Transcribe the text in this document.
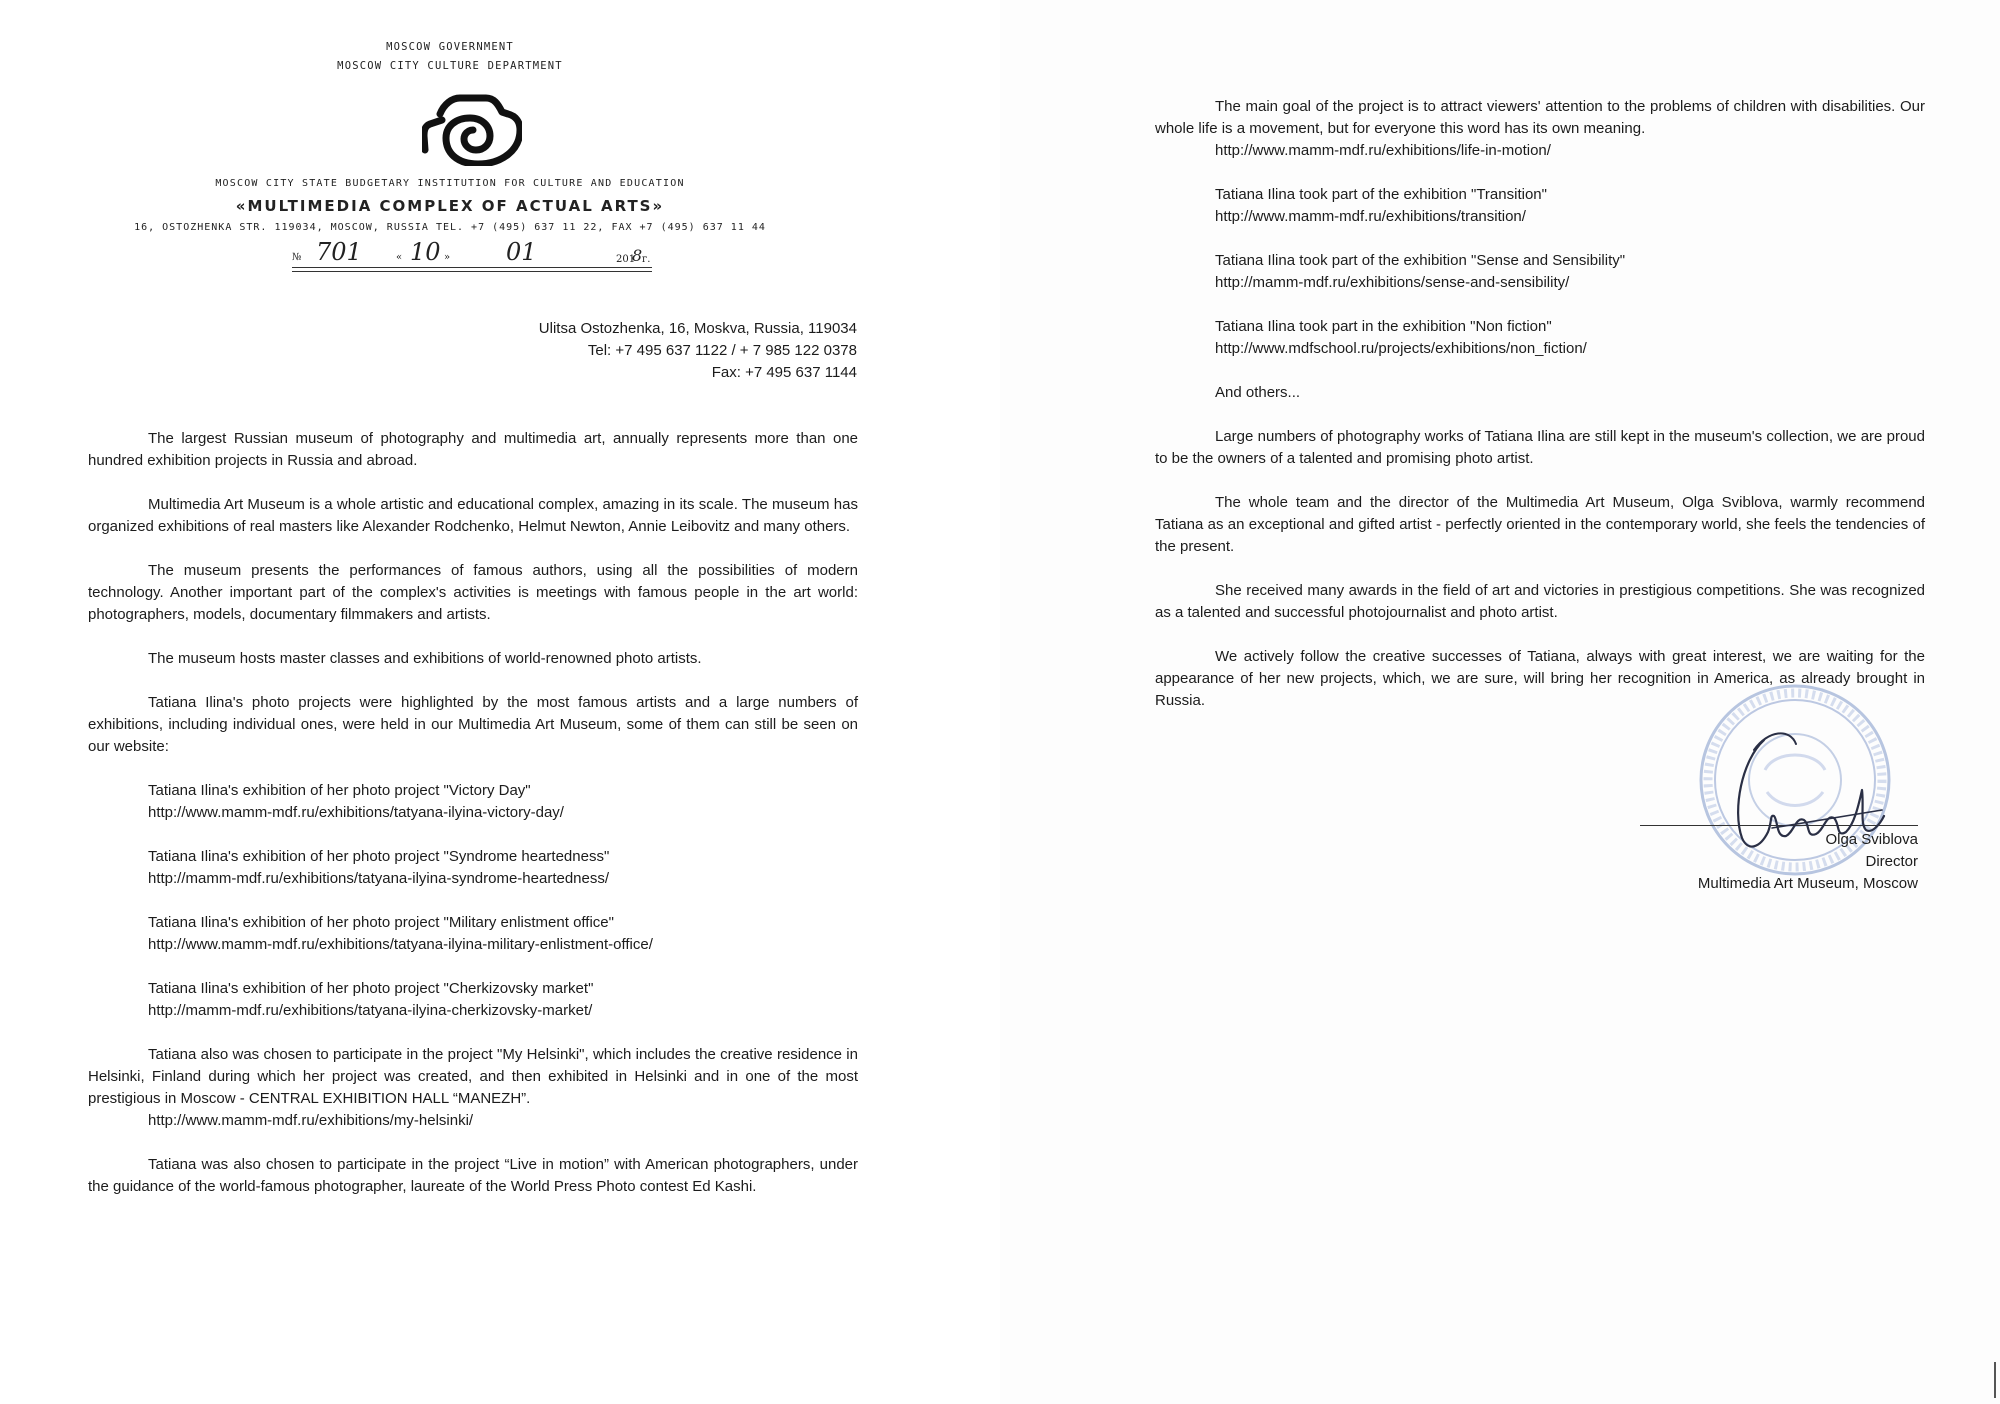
MOSCOW GOVERNMENT
MOSCOW CITY CULTURE DEPARTMENT
MOSCOW CITY STATE BUDGETARY INSTITUTION FOR CULTURE AND EDUCATION
«MULTIMEDIA COMPLEX OF ACTUAL ARTS»
16, OSTOZHENKA STR. 119034, MOSCOW, RUSSIA TEL. +7 (495) 637 11 22, FAX +7 (495) 637 11 44
№ 701	« 10 » 01	201
8 г.
Ulitsa Ostozhenka, 16, Moskva, Russia, 119034
Tel: +7 495 637 1122 / + 7 985 122 0378
Fax: +7 495 637 1144

The largest Russian museum of photography and multimedia art, annually represents more than one hundred exhibition projects in Russia and abroad.

Multimedia Art Museum is a whole artistic and educational complex, amazing in its scale. The museum has organized exhibitions of real masters like Alexander Rodchenko, Helmut Newton, Annie Leibovitz and many others.

The museum presents the performances of famous authors, using all the possibilities of modern technology. Another important part of the complex's activities is meetings with famous people in the art world: photographers, models, documentary filmmakers and artists.

The museum hosts master classes and exhibitions of world-renowned photo artists.

Tatiana Ilina's photo projects were highlighted by the most famous artists and a large numbers of exhibitions, including individual ones, were held in our Multimedia Art Museum, some of them can still be seen on our website:

Tatiana Ilina's exhibition of her photo project "Victory Day"
http://www.mamm-mdf.ru/exhibitions/tatyana-ilyina-victory-day/
Tatiana Ilina's exhibition of her photo project "Syndrome heartedness"
http://mamm-mdf.ru/exhibitions/tatyana-ilyina-syndrome-heartedness/
Tatiana Ilina's exhibition of her photo project "Military enlistment office"
http://www.mamm-mdf.ru/exhibitions/tatyana-ilyina-military-enlistment-office/
Tatiana Ilina's exhibition of her photo project "Cherkizovsky market"
http://mamm-mdf.ru/exhibitions/tatyana-ilyina-cherkizovsky-market/

Tatiana also was chosen to participate in the project "My Helsinki", which includes the creative residence in Helsinki, Finland during which her project was created, and then exhibited in Helsinki and in one of the most prestigious in Moscow - CENTRAL EXHIBITION HALL “MANEZH”.

http://www.mamm-mdf.ru/exhibitions/my-helsinki/

Tatiana was also chosen to participate in the project “Live in motion” with American photographers, under the guidance of the world-famous photographer, laureate of the World Press Photo contest Ed Kashi.

The main goal of the project is to attract viewers' attention to the problems of children with disabilities. Our whole life is a movement, but for everyone this word has its own meaning.

http://www.mamm-mdf.ru/exhibitions/life-in-motion/
Tatiana Ilina took part of the exhibition "Transition"
http://www.mamm-mdf.ru/exhibitions/transition/
Tatiana Ilina took part of the exhibition "Sense and Sensibility"
http://mamm-mdf.ru/exhibitions/sense-and-sensibility/
Tatiana Ilina took part in the exhibition "Non fiction"
http://www.mdfschool.ru/projects/exhibitions/non_fiction/
And others...

Large numbers of photography works of Tatiana Ilina are still kept in the museum's collection, we are proud to be the owners of a talented and promising photo artist.

The whole team and the director of the Multimedia Art Museum, Olga Sviblova, warmly recommend Tatiana as an exceptional and gifted artist - perfectly oriented in the contemporary world, she feels the tendencies of the present.

She received many awards in the field of art and victories in prestigious competitions. She was recognized as a talented and successful photojournalist and photo artist.

We actively follow the creative successes of Tatiana, always with great interest, we are waiting for the appearance of her new projects, which, we are sure, will bring her recognition in America, as already brought in Russia.

Olga Sviblova
Director
Multimedia Art Museum, Moscow
